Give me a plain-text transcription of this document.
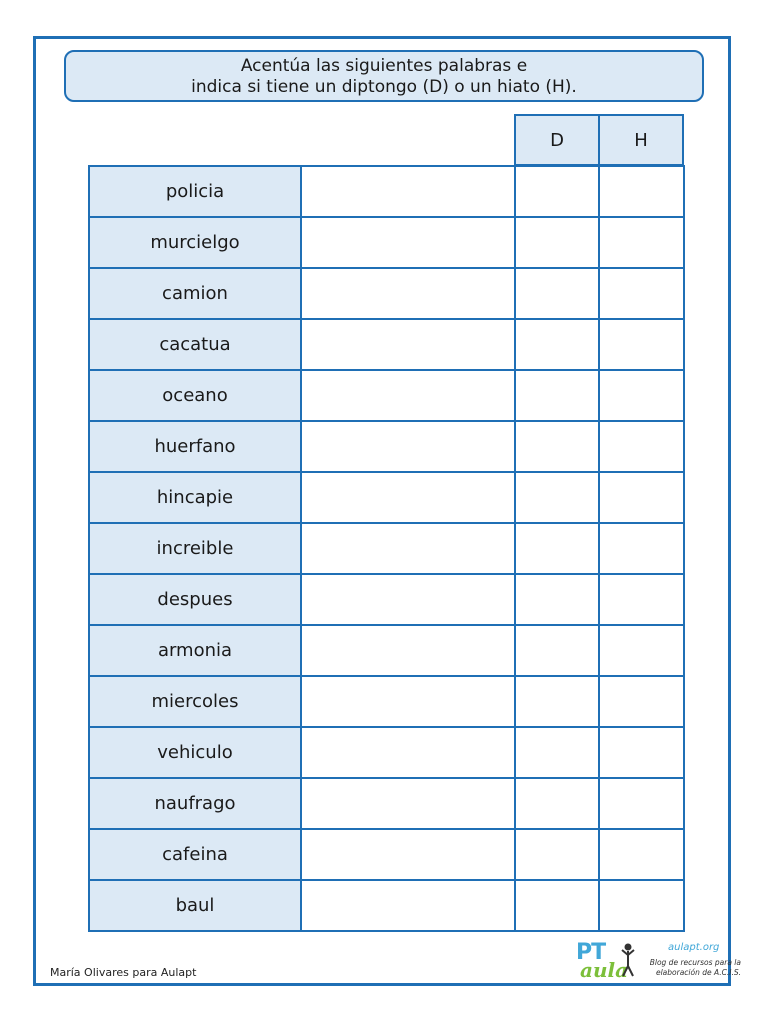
Acentúa las siguientes palabras e
indica si tiene un diptongo (D) o un hiato (H).
D	H
policia
murcielgo
camion
cacatua
oceano
huerfano
hincapie
increible
despues
armonia
miercoles
vehiculo
naufrago
cafeina
baul
María Olivares para Aulapt
PT
aula
aulapt.org
Blog de recursos para la
elaboración de A.C.I.S.
